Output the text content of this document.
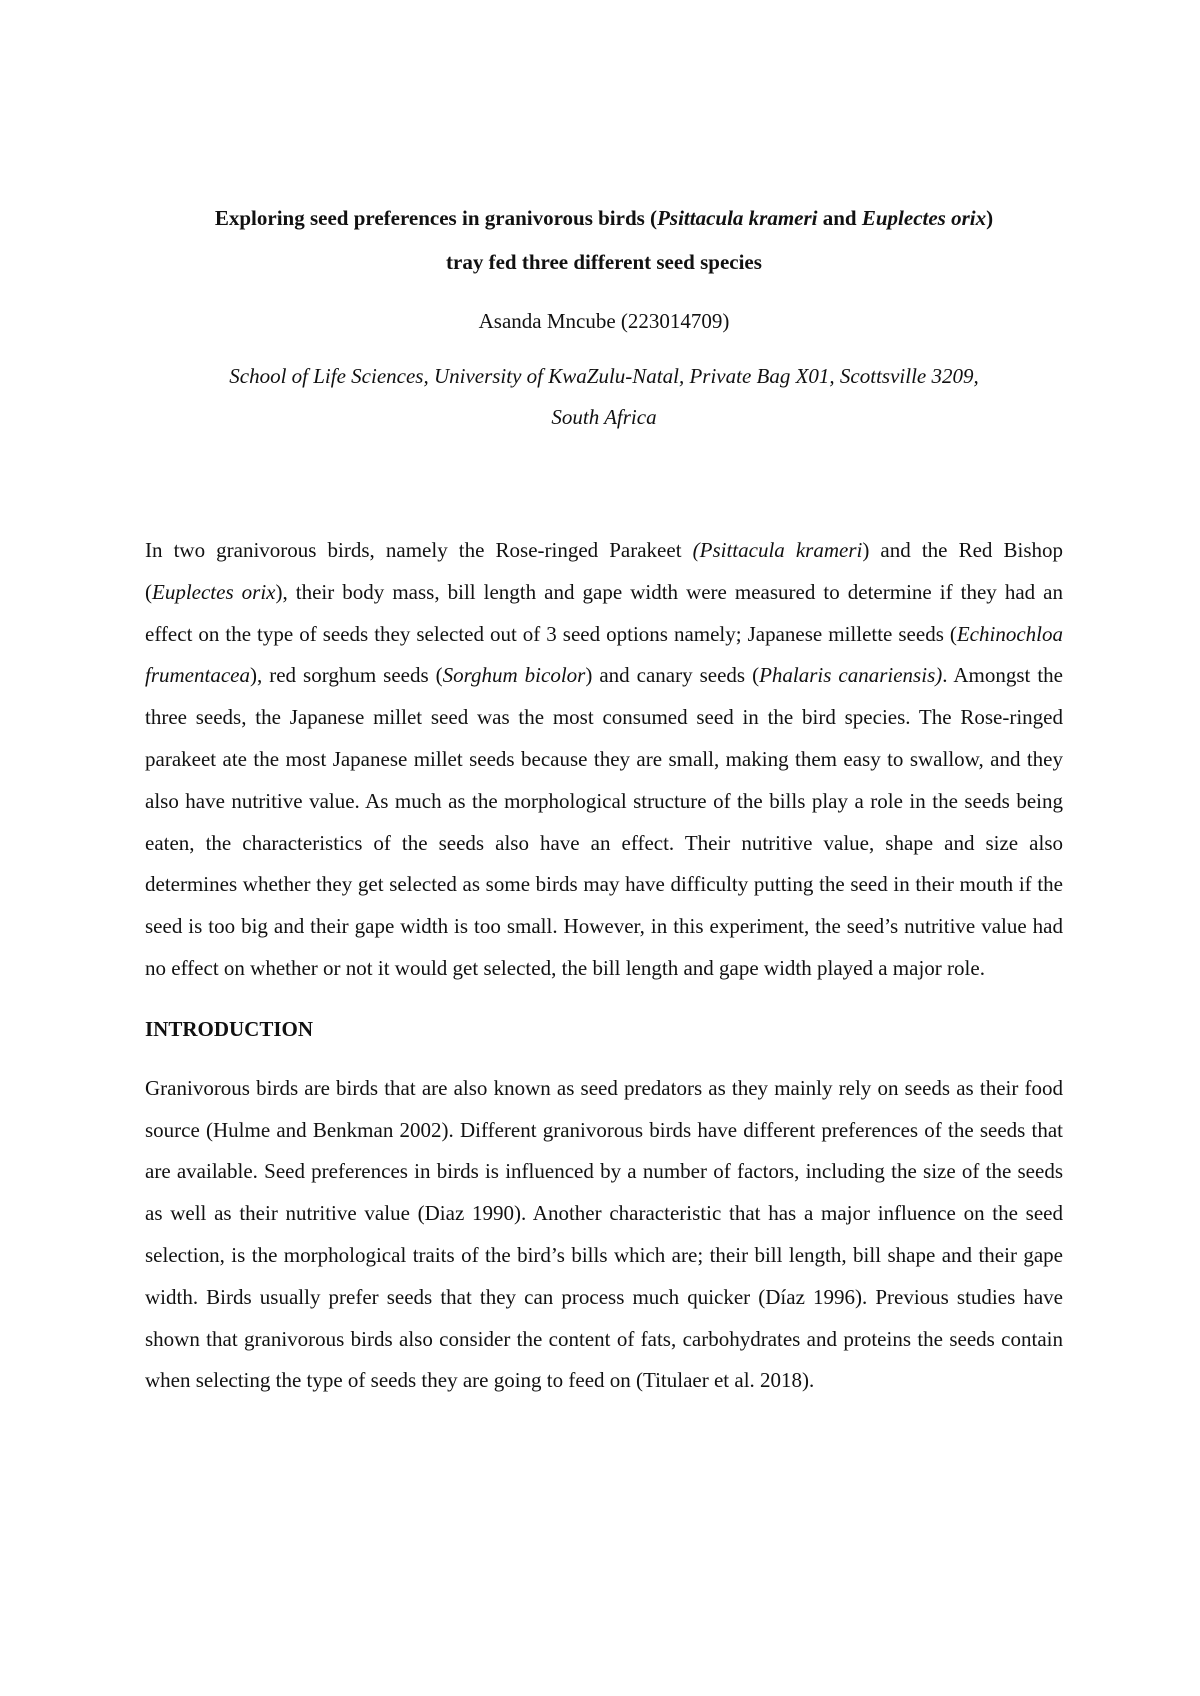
Exploring seed preferences in granivorous birds (Psittacula krameri and Euplectes orix)
tray fed three different seed species

Asanda Mncube (223014709)

School of Life Sciences, University of KwaZulu-Natal, Private Bag X01, Scottsville 3209,
South Africa

In two granivorous birds, namely the Rose-ringed Parakeet (Psittacula krameri) and the Red Bishop (Euplectes orix), their body mass, bill length and gape width were measured to determine if they had an effect on the type of seeds they selected out of 3 seed options namely; Japanese millette seeds (Echinochloa frumentacea), red sorghum seeds (Sorghum bicolor) and canary seeds (Phalaris canariensis). Amongst the three seeds, the Japanese millet seed was the most consumed seed in the bird species. The Rose-ringed parakeet ate the most Japanese millet seeds because they are small, making them easy to swallow, and they also have nutritive value. As much as the morphological structure of the bills play a role in the seeds being eaten, the characteristics of the seeds also have an effect. Their nutritive value, shape and size also determines whether they get selected as some birds may have difficulty putting the seed in their mouth if the seed is too big and their gape width is too small. However, in this experiment, the seed’s nutritive value had no effect on whether or not it would get selected, the bill length and gape width played a major role.

INTRODUCTION

Granivorous birds are birds that are also known as seed predators as they mainly rely on seeds as their food source (Hulme and Benkman 2002). Different granivorous birds have different preferences of the seeds that are available. Seed preferences in birds is influenced by a number of factors, including the size of the seeds as well as their nutritive value (Diaz 1990). Another characteristic that has a major influence on the seed selection, is the morphological traits of the bird’s bills which are; their bill length, bill shape and their gape width. Birds usually prefer seeds that they can process much quicker (Díaz 1996). Previous studies have shown that granivorous birds also consider the content of fats, carbohydrates and proteins the seeds contain when selecting the type of seeds they are going to feed on (Titulaer et al. 2018).
